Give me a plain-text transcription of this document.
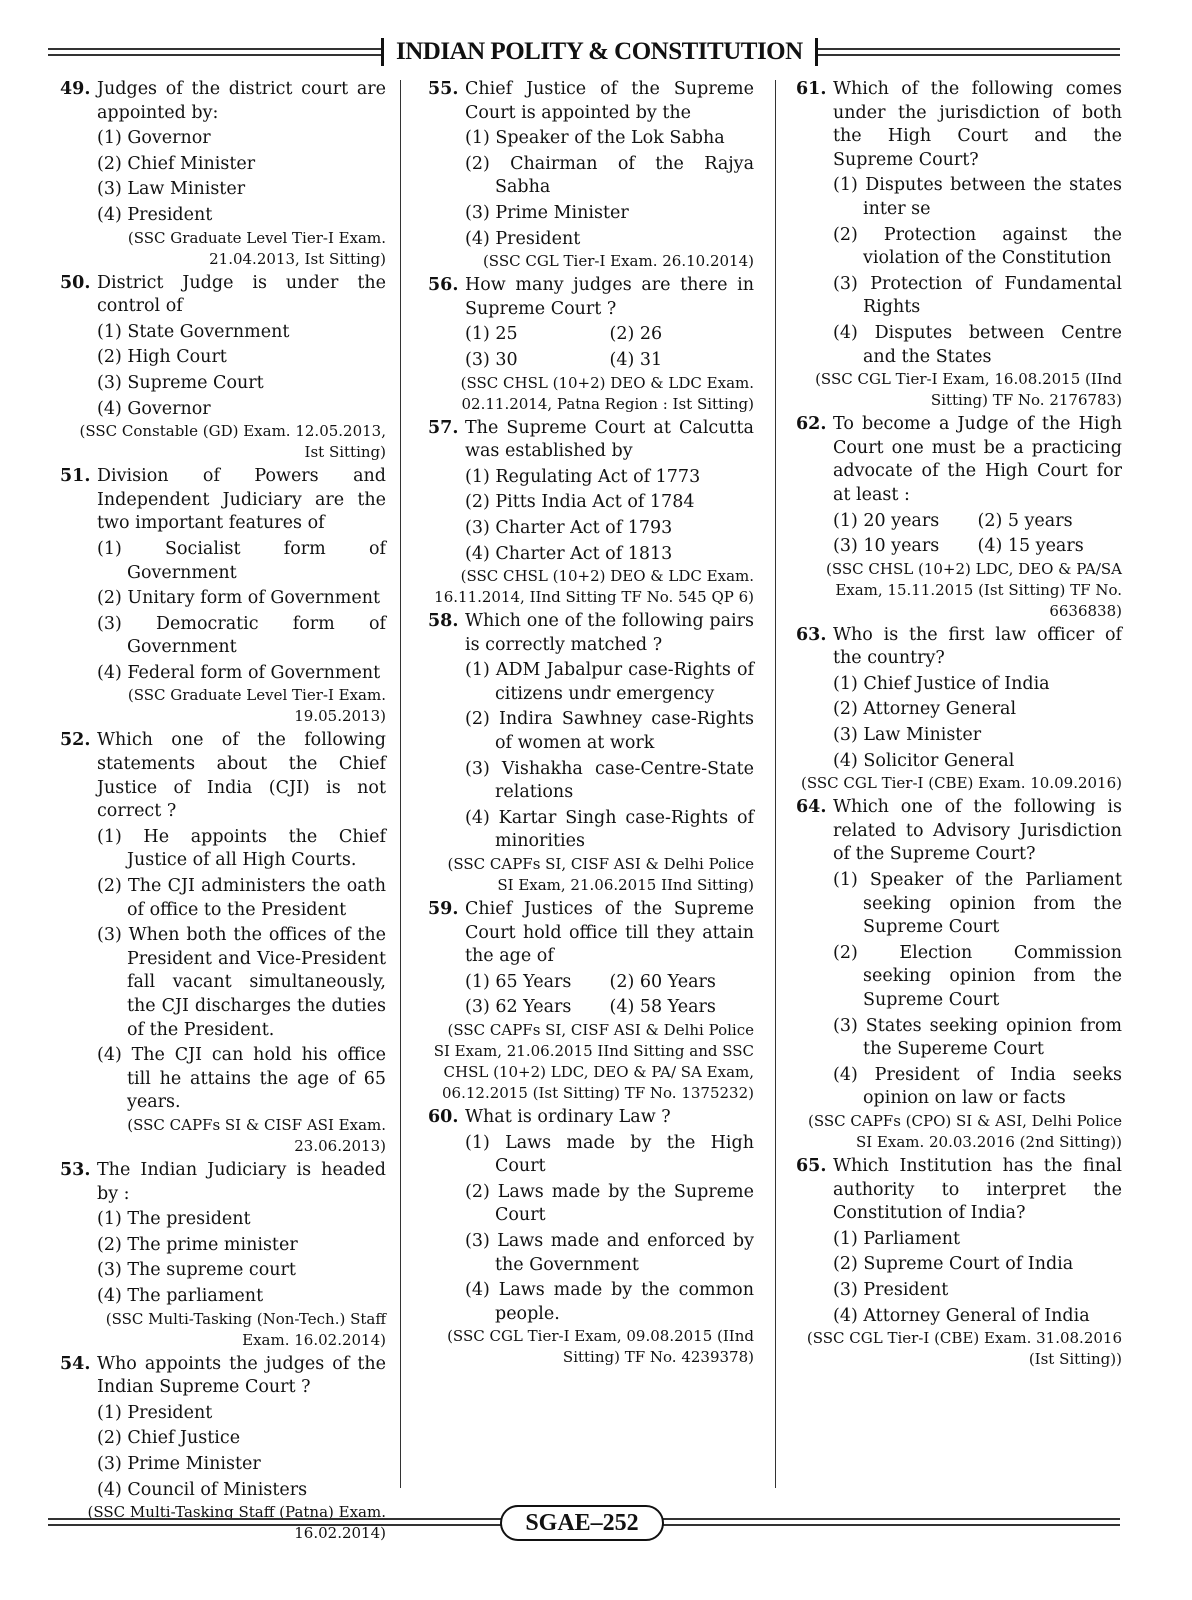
INDIAN POLITY & CONSTITUTION
49. Judges of the district court are appointed by:
(1) Governor
(2) Chief Minister
(3) Law Minister
(4) President
(SSC Graduate Level Tier-I Exam. 21.04.2013, Ist Sitting)
50. District Judge is under the control of
(1) State Government
(2) High Court
(3) Supreme Court
(4) Governor
(SSC Constable (GD) Exam. 12.05.2013, Ist Sitting)
51. Division of Powers and Independent Judiciary are the two important features of
(1) Socialist form of Government
(2) Unitary form of Government
(3) Democratic form of Government
(4) Federal form of Government
(SSC Graduate Level Tier-I Exam. 19.05.2013)
52. Which one of the following statements about the Chief Justice of India (CJI) is not correct ?
(1) He appoints the Chief Justice of all High Courts.
(2) The CJI administers the oath of office to the President
(3) When both the offices of the President and Vice-President fall vacant simultaneously, the CJI discharges the duties of the President.
(4) The CJI can hold his office till he attains the age of 65 years.
(SSC CAPFs SI & CISF ASI Exam. 23.06.2013)
53. The Indian Judiciary is headed by :
(1) The president
(2) The prime minister
(3) The supreme court
(4) The parliament
(SSC Multi-Tasking (Non-Tech.) Staff Exam. 16.02.2014)
54. Who appoints the judges of the Indian Supreme Court ?
(1) President
(2) Chief Justice
(3) Prime Minister
(4) Council of Ministers
(SSC Multi-Tasking Staff (Patna) Exam. 16.02.2014)
55. Chief Justice of the Supreme Court is appointed by the
(1) Speaker of the Lok Sabha
(2) Chairman of the Rajya Sabha
(3) Prime Minister
(4) President
(SSC CGL Tier-I Exam. 26.10.2014)
56. How many judges are there in Supreme Court ?
(1) 25	(2) 26
(3) 30	(4) 31
(SSC CHSL (10+2) DEO & LDC Exam. 02.11.2014, Patna Region : Ist Sitting)
57. The Supreme Court at Calcutta was established by
(1) Regulating Act of 1773
(2) Pitts India Act of 1784
(3) Charter Act of 1793
(4) Charter Act of 1813
(SSC CHSL (10+2) DEO & LDC Exam. 16.11.2014, IInd Sitting TF No. 545 QP 6)
58. Which one of the following pairs is correctly matched ?
(1) ADM Jabalpur case-Rights of citizens undr emergency
(2) Indira Sawhney case-Rights of women at work
(3) Vishakha case-Centre-State relations
(4) Kartar Singh case-Rights of minorities
(SSC CAPFs SI, CISF ASI & Delhi Police SI Exam, 21.06.2015 IInd Sitting)
59. Chief Justices of the Supreme Court hold office till they attain the age of
(1) 65 Years	(2) 60 Years
(3) 62 Years	(4) 58 Years
(SSC CAPFs SI, CISF ASI & Delhi Police SI Exam, 21.06.2015 IInd Sitting and SSC CHSL (10+2) LDC, DEO & PA/ SA Exam, 06.12.2015 (Ist Sitting) TF No. 1375232)
60. What is ordinary Law ?
(1) Laws made by the High Court
(2) Laws made by the Supreme Court
(3) Laws made and enforced by the Government
(4) Laws made by the common people.
(SSC CGL Tier-I Exam, 09.08.2015 (IInd Sitting) TF No. 4239378)
61. Which of the following comes under the jurisdiction of both the High Court and the Supreme Court?
(1) Disputes between the states inter se
(2) Protection against the violation of the Constitution
(3) Protection of Fundamental Rights
(4) Disputes between Centre and the States
(SSC CGL Tier-I Exam, 16.08.2015 (IInd Sitting) TF No. 2176783)
62. To become a Judge of the High Court one must be a practicing advocate of the High Court for at least :
(1) 20 years	(2) 5 years
(3) 10 years	(4) 15 years
(SSC CHSL (10+2) LDC, DEO & PA/SA Exam, 15.11.2015 (Ist Sitting) TF No. 6636838)
63. Who is the first law officer of the country?
(1) Chief Justice of India
(2) Attorney General
(3) Law Minister
(4) Solicitor General
(SSC CGL Tier-I (CBE) Exam. 10.09.2016)
64. Which one of the following is related to Advisory Jurisdiction of the Supreme Court?
(1) Speaker of the Parliament seeking opinion from the Supreme Court
(2) Election Commission seeking opinion from the Supreme Court
(3) States seeking opinion from the Supereme Court
(4) President of India seeks opinion on law or facts
(SSC CAPFs (CPO) SI & ASI, Delhi Police SI Exam. 20.03.2016 (2nd Sitting))
65. Which Institution has the final authority to interpret the Constitution of India?
(1) Parliament
(2) Supreme Court of India
(3) President
(4) Attorney General of India
(SSC CGL Tier-I (CBE) Exam. 31.08.2016 (Ist Sitting))
SGAE–252
